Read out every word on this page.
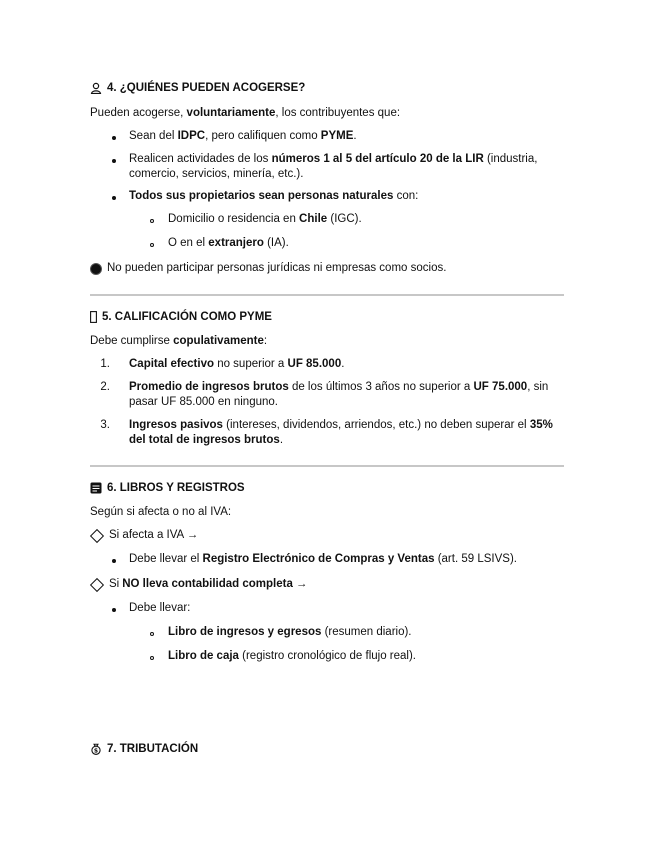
4. ¿QUIÉNES PUEDEN ACOGERSE?
Pueden acogerse, voluntariamente, los contribuyentes que:
Sean del IDPC, pero califiquen como PYME.
Realicen actividades de los números 1 al 5 del artículo 20 de la LIR (industria,
comercio, servicios, minería, etc.).
Todos sus propietarios sean personas naturales con:
Domicilio o residencia en Chile (IGC).
O en el extranjero (IA).
No pueden participar personas jurídicas ni empresas como socios.
5. CALIFICACIÓN COMO PYME
Debe cumplirse copulativamente:
1. Capital efectivo no superior a UF 85.000.
2. Promedio de ingresos brutos de los últimos 3 años no superior a UF 75.000, sin
pasar UF 85.000 en ninguno.
3. Ingresos pasivos (intereses, dividendos, arriendos, etc.) no deben superar el 35%
del total de ingresos brutos.
6. LIBROS Y REGISTROS
Según si afecta o no al IVA:
Si afecta a IVA →
Debe llevar el Registro Electrónico de Compras y Ventas (art. 59 LSIVS).
Si NO lleva contabilidad completa →
Debe llevar:
Libro de ingresos y egresos (resumen diario).
Libro de caja (registro cronológico de flujo real).
$ 7. TRIBUTACIÓN
